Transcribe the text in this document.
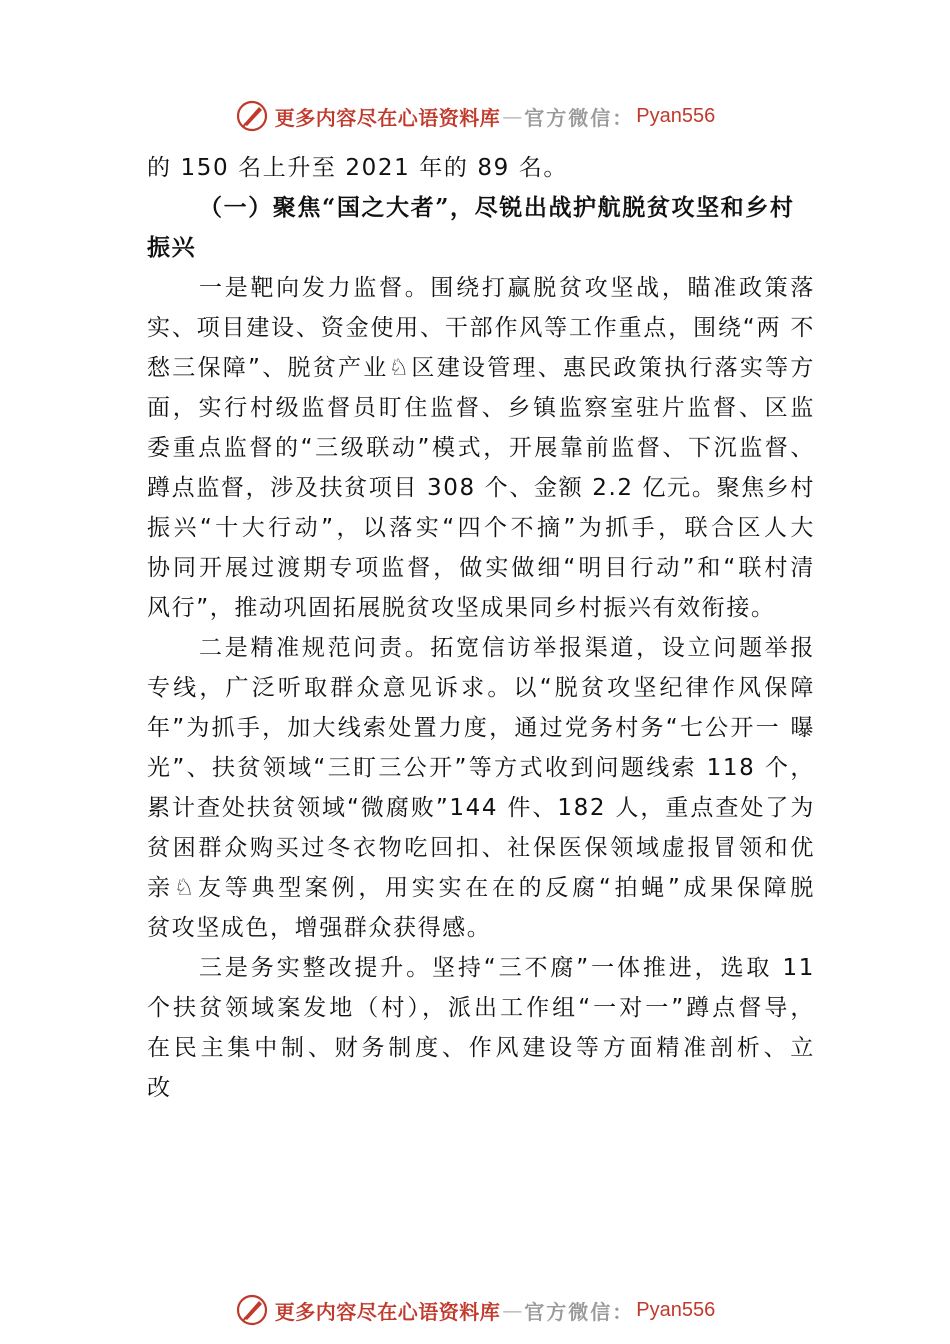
更多内容尽在心语资料库 — 官方微信： Pyan556
的 150 名上升至 2021 年的 89 名。
（一）聚焦“国之大者”，尽锐出战护航脱贫攻坚和乡村
振兴
一是靶向发力监督。围绕打赢脱贫攻坚战，瞄准政策落
实、项目建设、资金使用、干部作风等工作重点，围绕“两 不
愁三保障”、脱贫产业♘区建设管理、惠民政策执行落实等方
面，实行村级监督员盯住监督、乡镇监察室驻片监督、区监
委重点监督的“三级联动”模式，开展靠前监督、下沉监督、
蹲点监督，涉及扶贫项目 308 个、金额 2.2 亿元。聚焦乡村
振兴“十大行动”，以落实“四个不摘”为抓手，联合区人大
协同开展过渡期专项监督，做实做细“明目行动”和“联村清
风行”，推动巩固拓展脱贫攻坚成果同乡村振兴有效衔接。
二是精准规范问责。拓宽信访举报渠道，设立问题举报
专线，广泛听取群众意见诉求。以“脱贫攻坚纪律作风保障
年”为抓手，加大线索处置力度，通过党务村务“七公开一 曝
光”、扶贫领域“三盯三公开”等方式收到问题线索 118 个，
累计查处扶贫领域“微腐败”144 件、182 人，重点查处了为
贫困群众购买过冬衣物吃回扣、社保医保领域虚报冒领和优
亲♘友等典型案例，用实实在在的反腐“拍蝇”成果保障脱
贫攻坚成色，增强群众获得感。
三是务实整改提升。坚持“三不腐”一体推进，选取 11
个扶贫领域案发地（村），派出工作组“一对一”蹲点督导，
在民主集中制、财务制度、作风建设等方面精准剖析、立
改
更多内容尽在心语资料库 — 官方微信： Pyan556
